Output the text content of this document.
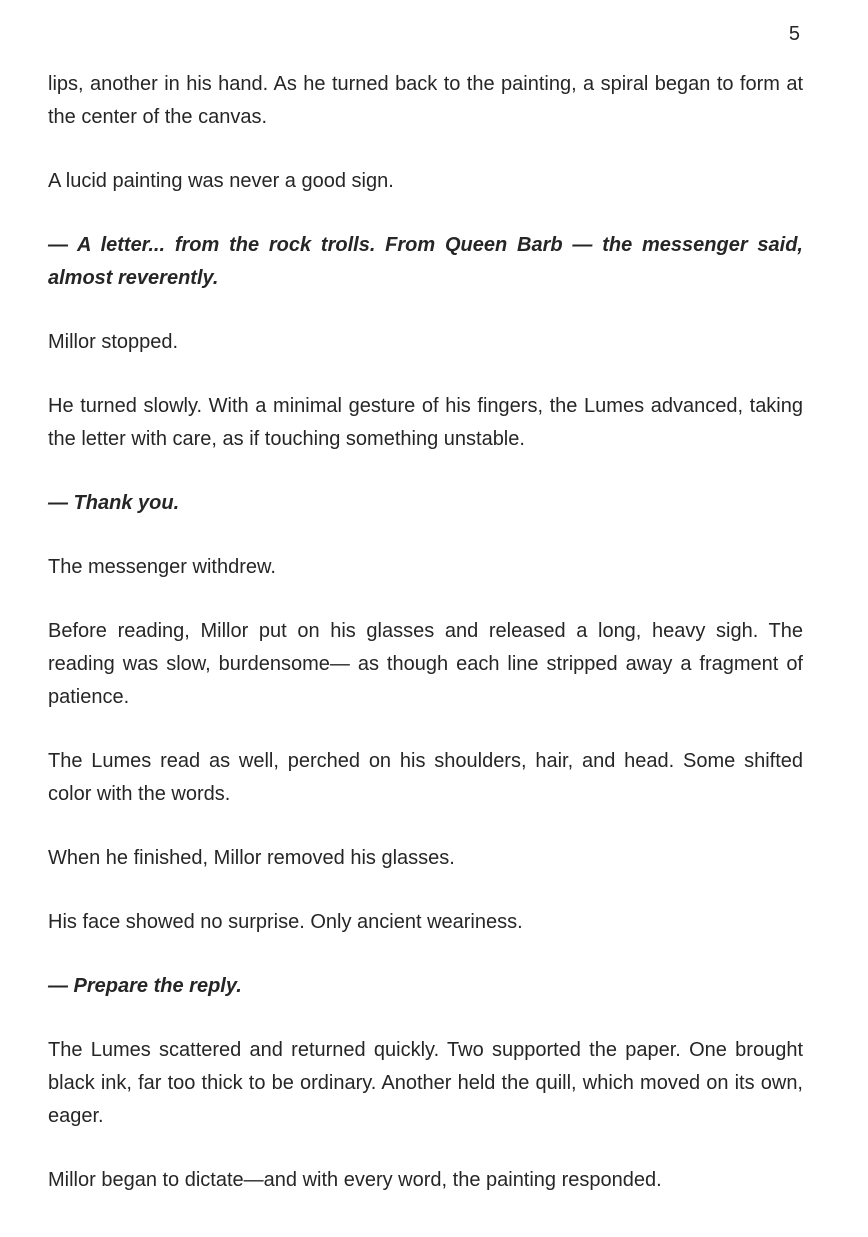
5

lips, another in his hand. As he turned back to the painting, a spiral began to form at the center of the canvas.

A lucid painting was never a good sign.

— A letter... from the rock trolls. From Queen Barb — the messenger said, almost reverently.

Millor stopped.

He turned slowly. With a minimal gesture of his fingers, the Lumes advanced, taking the letter with care, as if touching something unstable.

— Thank you.

The messenger withdrew.

Before reading, Millor put on his glasses and released a long, heavy sigh. The reading was slow, burdensome— as though each line stripped away a fragment of patience.

The Lumes read as well, perched on his shoulders, hair, and head. Some shifted color with the words.

When he finished, Millor removed his glasses.

His face showed no surprise. Only ancient weariness.

— Prepare the reply.

The Lumes scattered and returned quickly. Two supported the paper. One brought black ink, far too thick to be ordinary. Another held the quill, which moved on its own, eager.

Millor began to dictate—and with every word, the painting responded.
